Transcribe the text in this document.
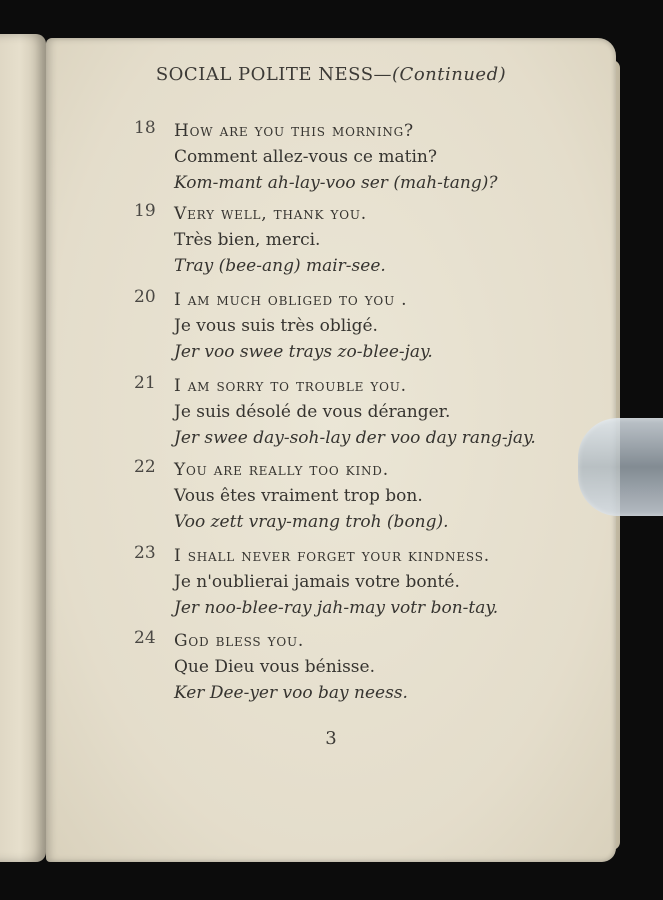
SOCIAL POLITE NESS—(Continued)
18 How are you this morning?
Comment allez-vous ce matin?
Kom-mant ah-lay-voo ser (mah-tang)?
19 Very well, thank you.
Très bien, merci.
Tray (bee-ang) mair-see.
20 I am much obliged to you .
Je vous suis très obligé.
Jer voo swee trays zo-blee-jay.
21 I am sorry to trouble you.
Je suis désolé de vous déranger.
Jer swee day-soh-lay der voo day rang-jay.
22 You are really too kind.
Vous êtes vraiment trop bon.
Voo zett vray-mang troh (bong).
23 I shall never forget your kindness.
Je n'oublierai jamais votre bonté.
Jer noo-blee-ray jah-may votr bon-tay.
24 God bless you.
Que Dieu vous bénisse.
Ker Dee-yer voo bay neess.
3
